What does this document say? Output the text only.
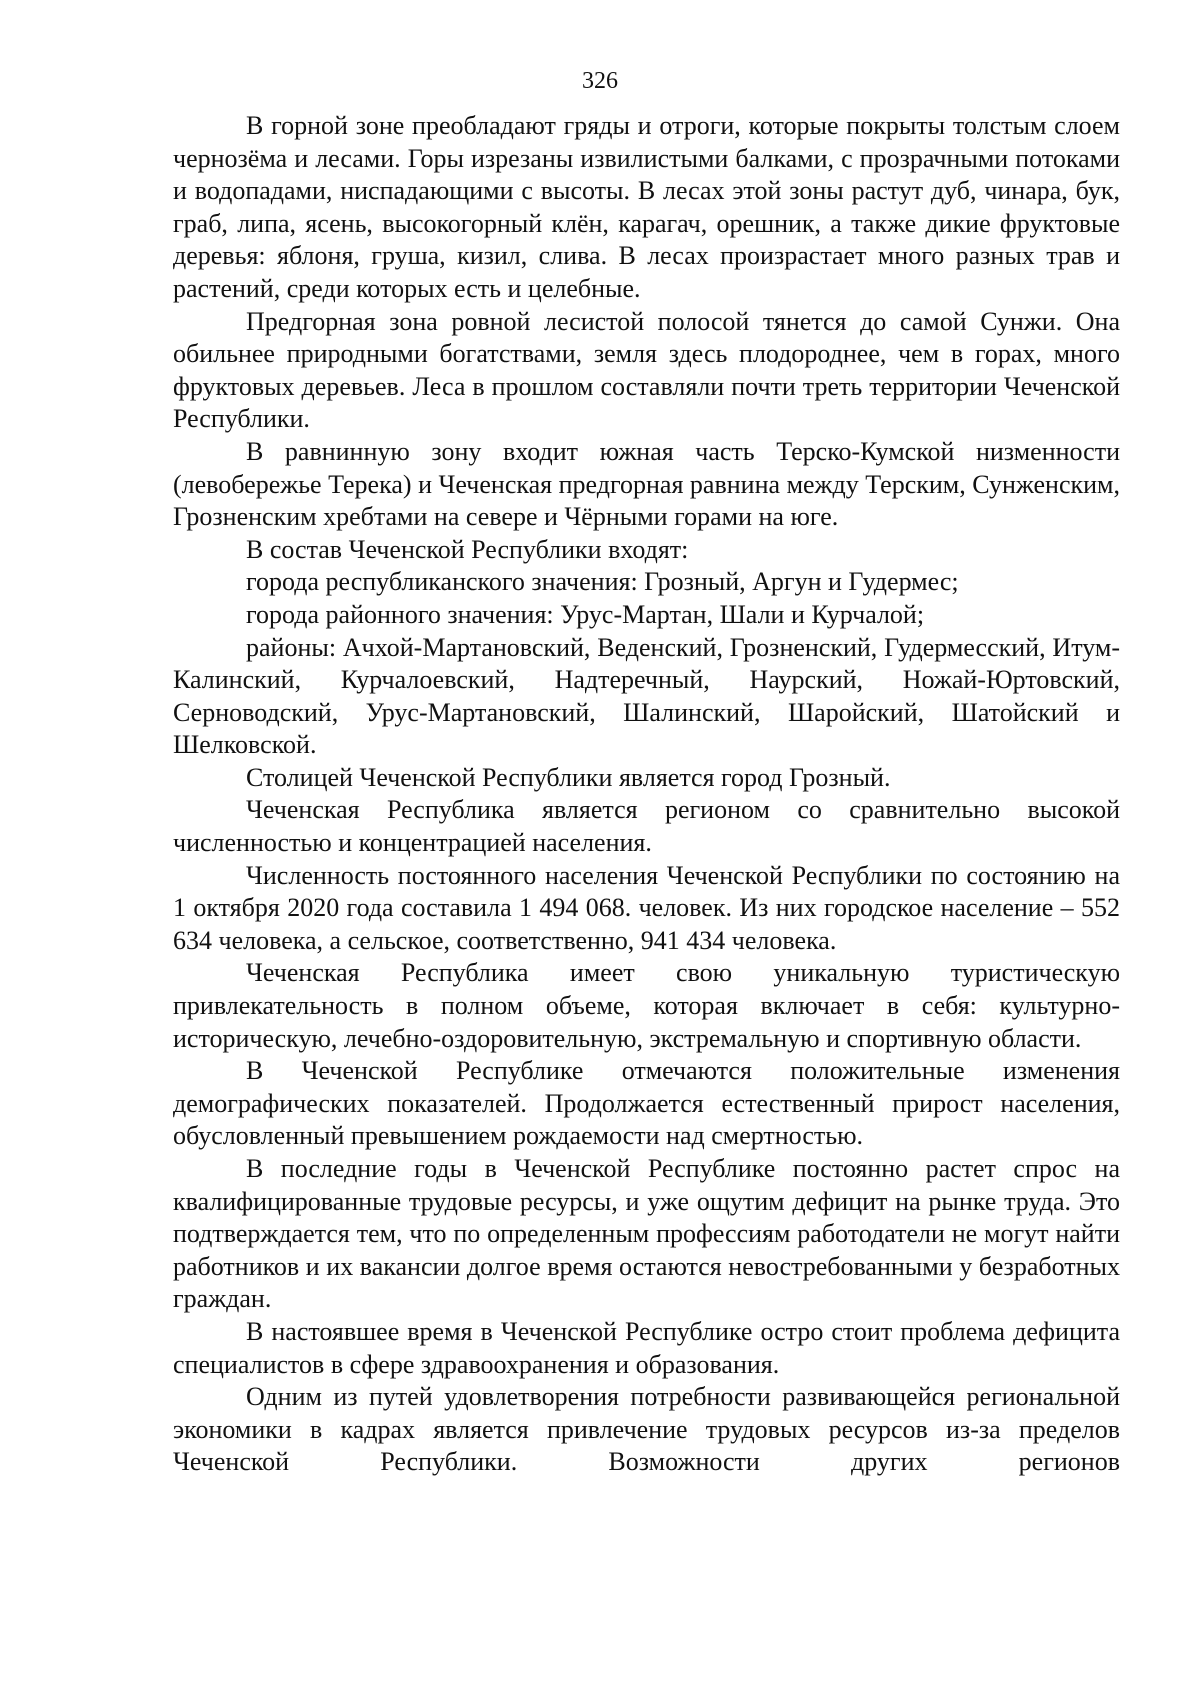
326

В горной зоне преобладают гряды и отроги, которые покрыты толстым слоем чернозёма и лесами. Горы изрезаны извилистыми балками, с прозрачными потоками и водопадами, ниспадающими с высоты. В лесах этой зоны растут дуб, чинара, бук, граб, липа, ясень, высокогорный клён, карагач, орешник, а также дикие фруктовые деревья: яблоня, груша, кизил, слива. В лесах произрастает много разных трав и растений, среди которых есть и целебные.

Предгорная зона ровной лесистой полосой тянется до самой Сунжи. Она обильнее природными богатствами, земля здесь плодороднее, чем в горах, много фруктовых деревьев. Леса в прошлом составляли почти треть территории Чеченской Республики.

В равнинную зону входит южная часть Терско-Кумской низменности (левобережье Терека) и Чеченская предгорная равнина между Терским, Сунженским, Грозненским хребтами на севере и Чёрными горами на юге.

В состав Чеченской Республики входят:

города республиканского значения: Грозный, Аргун и Гудермес;

города районного значения: Урус-Мартан, Шали и Курчалой;

районы: Ачхой-Мартановский, Веденский, Грозненский, Гудермесский, Итум-Калинский, Курчалоевский, Надтеречный, Наурский, Ножай-Юртовский, Серноводский, Урус-Мартановский, Шалинский, Шаройский, Шатойский и Шелковской.

Столицей Чеченской Республики является город Грозный.

Чеченская Республика является регионом со сравнительно высокой численностью и концентрацией населения.

Численность постоянного населения Чеченской Республики по состоянию на 1 октября 2020 года составила 1 494 068. человек. Из них городское население – 552 634 человека, а сельское, соответственно, 941 434 человека.

Чеченская Республика имеет свою уникальную туристическую привлекательность в полном объеме, которая включает в себя: культурно-историческую, лечебно-оздоровительную, экстремальную и спортивную области.

В Чеченской Республике отмечаются положительные изменения демографических показателей. Продолжается естественный прирост населения, обусловленный превышением рождаемости над смертностью.

В последние годы в Чеченской Республике постоянно растет спрос на квалифицированные трудовые ресурсы, и уже ощутим дефицит на рынке труда. Это подтверждается тем, что по определенным профессиям работодатели не могут найти работников и их вакансии долгое время остаются невостребованными у безработных граждан.

В настоявшее время в Чеченской Республике остро стоит проблема дефицита специалистов в сфере здравоохранения и образования.

Одним из путей удовлетворения потребности развивающейся региональной экономики в кадрах является привлечение трудовых ресурсов из-за пределов Чеченской Республики. Возможности других регионов
